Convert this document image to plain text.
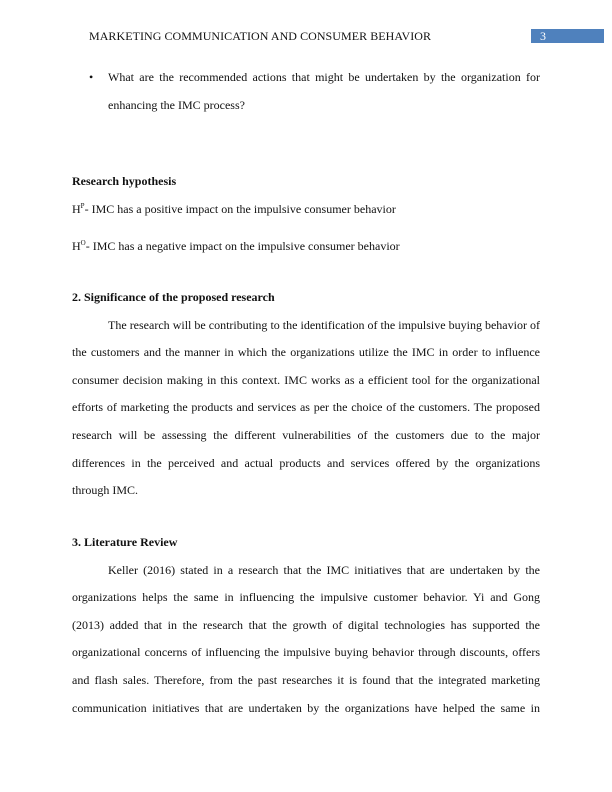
MARKETING COMMUNICATION AND CONSUMER BEHAVIOR	3
• What are the recommended actions that might be undertaken by the organization for enhancing the IMC process?
Research hypothesis

$H^P-$ IMC has a positive impact on the impulsive consumer behavior

$H^O-$ IMC has a negative impact on the impulsive consumer behavior

2. Significance of the proposed research

The research will be contributing to the identification of the impulsive buying behavior of the customers and the manner in which the organizations utilize the IMC in order to influence consumer decision making in this context. IMC works as a efficient tool for the organizational efforts of marketing the products and services as per the choice of the customers. The proposed research will be assessing the different vulnerabilities of the customers due to the major differences in the perceived and actual products and services offered by the organizations through IMC.

3. Literature Review

Keller (2016) stated in a research that the IMC initiatives that are undertaken by the organizations helps the same in influencing the impulsive customer behavior. Yi and Gong (2013) added that in the research that the growth of digital technologies has supported the organizational concerns of influencing the impulsive buying behavior through discounts, offers and flash sales. Therefore, from the past researches it is found that the integrated marketing communication initiatives that are undertaken by the organizations have helped the same in
